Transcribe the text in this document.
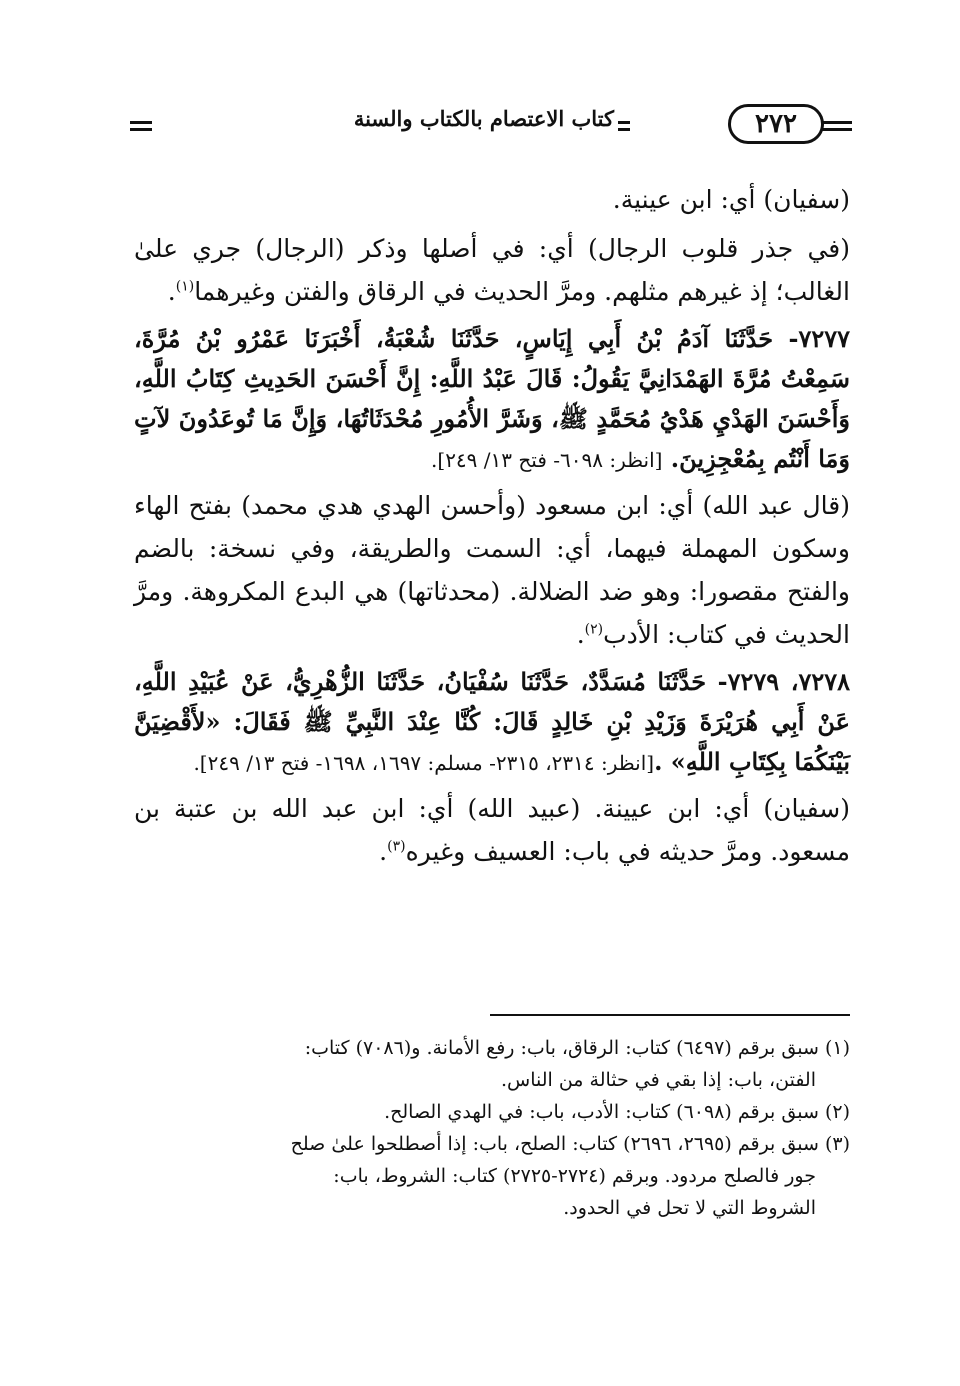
كتاب الاعتصام بالكتاب والسنة	٢٧٢

(سفيان) أي: ابن عينية.

(في جذر قلوب الرجال) أي: في أصلها وذكر (الرجال) جري علىٰ الغالب؛ إذ غيرهم مثلهم. ومرَّ الحديث في الرقاق والفتن وغيرهما$^{(١)}$.

٧٢٧٧- حَدَّثَنَا آدَمُ بْنُ أَبِي إِيَاسٍ، حَدَّثَنَا شُعْبَةُ، أَخْبَرَنَا عَمْرُو بْنُ مُرَّةَ، سَمِعْتُ مُرَّةَ الهَمْدَانِيَّ يَقُولُ: قَالَ عَبْدُ اللَّهِ: إِنَّ أَحْسَنَ الحَدِيثِ كِتَابُ اللَّهِ، وَأَحْسَنَ الهَدْيِ هَدْيُ مُحَمَّدٍ ﷺ، وَشَرَّ الأُمُورِ مُحْدَثَاتُهَا، وَإِنَّ مَا تُوعَدُونَ لآتٍ وَمَا أَنْتُم بِمُعْجِزِينَ. [انظر: ٦٠٩٨- فتح ١٣/ ٢٤٩].

(قال عبد الله) أي: ابن مسعود (وأحسن الهدي هدي محمد) بفتح الهاء وسكون المهملة فيهما، أي: السمت والطريقة، وفي نسخة: بالضم والفتح مقصورا: وهو ضد الضلالة. (محدثاتها) هي البدع المكروهة. ومرَّ الحديث في كتاب: الأدب$^{(٢)}$.

٧٢٧٨، ٧٢٧٩- حَدَّثَنَا مُسَدَّدٌ، حَدَّثَنَا سُفْيَانُ، حَدَّثَنَا الزُّهْرِيُّ، عَنْ عُبَيْدِ اللَّهِ، عَنْ أَبِي هُرَيْرَةَ وَزَيْدِ بْنِ خَالِدٍ قَالَ: كُنَّا عِنْدَ النَّبِيِّ ﷺ فَقَالَ: «لأَقْضِيَنَّ بَيْنَكُمَا بِكِتَابِ اللَّهِ» .[انظر: ٢٣١٤، ٢٣١٥- مسلم: ١٦٩٧، ١٦٩٨- فتح ١٣/ ٢٤٩].

(سفيان) أي: ابن عيينة. (عبيد الله) أي: ابن عبد الله بن عتبة بن مسعود. ومرَّ حديثه في باب: العسيف وغيره$^{(٣)}$.

(١) سبق برقم (٦٤٩٧) كتاب: الرقاق، باب: رفع الأمانة. و(٧٠٨٦) كتاب:
الفتن، باب: إذا بقي في حثالة من الناس.

(٢) سبق برقم (٦٠٩٨) كتاب: الأدب، باب: في الهدي الصالح.

(٣) سبق برقم (٢٦٩٥، ٢٦٩٦) كتاب: الصلح، باب: إذا أصطلحوا علىٰ صلح
جور فالصلح مردود. وبرقم (٢٧٢٤-٢٧٢٥) كتاب: الشروط، باب:
الشروط التي لا تحل في الحدود.
